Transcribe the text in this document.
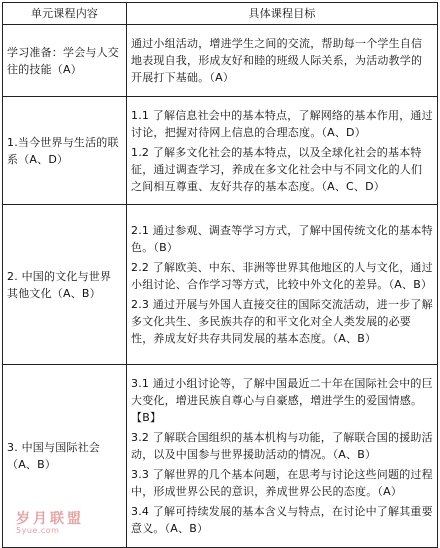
单元课程内容	具体课程目标
学习准备：学会与人交往的技能（A）	通过小组活动，增进学生之间的交流，帮助每一个学生自信地表现自我，形成友好和睦的班级人际关系，为活动教学的开展打下基础。（A）

1.当今世界与生活的联系（A、D）	1.1 了解信息社会中的基本特点，了解网络的基本作用，通过讨论，把握对待网上信息的合理态度。（A、D）

1.2 了解多文化社会的基本特点，以及全球化社会的基本特征，通过调查学习，养成在多文化社会中与不同文化的人们之间相互尊重、友好共存的基本态度。（A、C、D）

2. 中国的文化与世界其他文化（A、B）	2.1 通过参观、调查等学习方式，了解中国传统文化的基本特色。（B）

2.2 了解欧美、中东、非洲等世界其他地区的人与文化，通过小组讨论、合作学习等方式，比较中外文化的差异。（A、B）

2.3 通过开展与外国人直接交往的国际交流活动，进一步了解多文化共生、多民族共存的和平文化对全人类发展的必要性，养成友好共存共同发展的基本态度。（A、B）

3. 中国与国际社会（A、B）	3.1 通过小组讨论等，了解中国最近二十年在国际社会中的巨大变化，增进民族自尊心与自豪感，增进学生的爱国情感。【B】

3.2 了解联合国组织的基本机构与功能，了解联合国的援助活动，以及中国参与世界援助活动的情况。（A、B）

3.3 了解世界的几个基本问题，在思考与讨论这些问题的过程中，形成世界公民的意识，养成世界公民的态度。（A）

3.4 了解可持续发展的基本含义与特点，在讨论中了解其重要意义。（A、B）

岁月联盟
5yue.com
